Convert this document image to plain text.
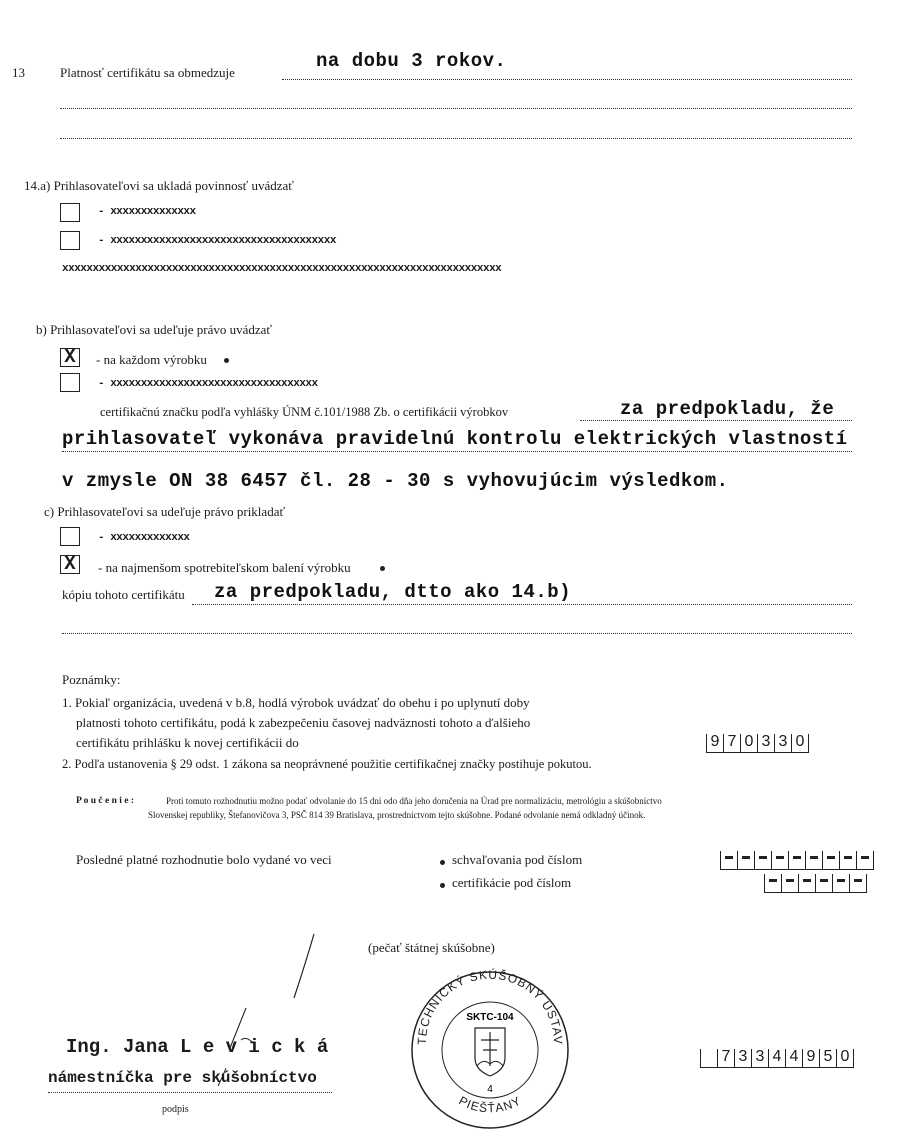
13	Platnosť certifikátu sa obmedzuje
na dobu 3 rokov.
14.a) Prihlasovateľovi sa ukladá povinnosť uvádzať
- xxxxxxxxxxxxxx
- xxxxxxxxxxxxxxxxxxxxxxxxxxxxxxxxxxxxx
xxxxxxxxxxxxxxxxxxxxxxxxxxxxxxxxxxxxxxxxxxxxxxxxxxxxxxxxxxxxxxxxxxxxxxxx
b) Prihlasovateľovi sa udeľuje právo uvádzať
X - na každom výrobku
- xxxxxxxxxxxxxxxxxxxxxxxxxxxxxxxxxx
certifikačnú značku podľa vyhlášky ÚNM č.101/1988 Zb. o certifikácii výrobkov	za predpokladu, že
prihlasovateľ vykonáva pravidelnú kontrolu elektrických vlastností
v zmysle ON 38 6457 čl. 28 - 30 s vyhovujúcim výsledkom.
c) Prihlasovateľovi sa udeľuje právo prikladať
- xxxxxxxxxxxxx
X - na najmenšom spotrebiteľskom balení výrobku
kópiu tohoto certifikátu za predpokladu, dtto ako 14.b)
Poznámky:
1. Pokiaľ organizácia, uvedená v b.8, hodlá výrobok uvádzať do obehu i po uplynutí doby
platnosti tohoto certifikátu, podá k zabezpečeniu časovej nadväznosti tohoto a ďalšieho
certifikátu prihlášku k novej certifikácii do	9 7 0 3 3 0
2. Podľa ustanovenia § 29 odst. 1 zákona sa neoprávnené použitie certifikačnej značky postihuje pokutou.
P o u č e n i e :	Proti tomuto rozhodnutiu možno podať odvolanie do 15 dní odo dňa jeho doručenia na Úrad pre normalizáciu, metrológiu a skúšobníctvo
Slovenskej republiky, Štefanovičova 3, PSČ 814 39 Bratislava, prostredníctvom tejto skúšobne. Podané odvolanie nemá odkladný účinok.
Posledné platné rozhodnutie bolo vydané vo veci	schvaľovania pod číslom
certifikácie pod číslom
(pečať štátnej skúšobne)
Ing. Jana L e v i c k á
námestníčka pre skúšobníctvo
podpis
TECHNICKÝ SKÚŠOBNÝ ÚSTAV
PIEŠŤANY
SKTC-104
4
7 3 3 4 4 9 5 0
